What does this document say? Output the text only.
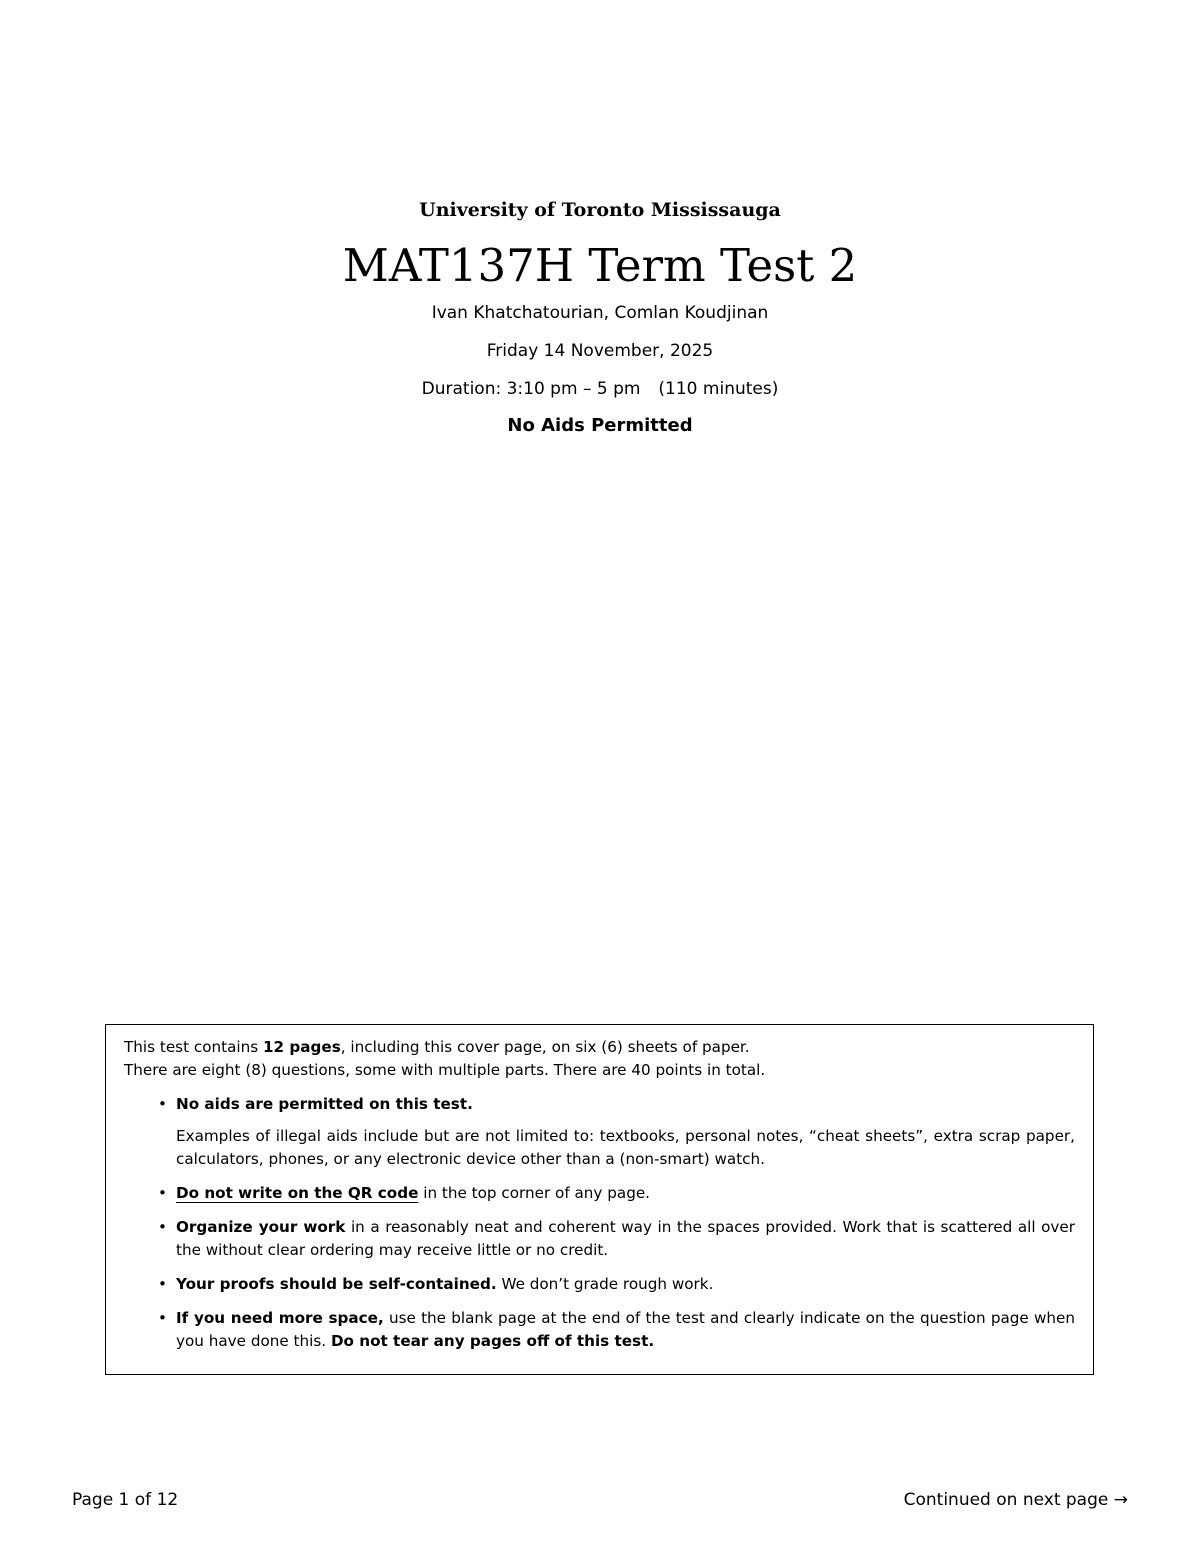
University of Toronto Mississauga

MAT137H Term Test 2

Ivan Khatchatourian, Comlan Koudjinan

Friday 14 November, 2025

Duration: 3:10 pm – 5 pm (110 minutes)

No Aids Permitted

This test contains 12 pages, including this cover page, on six (6) sheets of paper.

There are eight (8) questions, some with multiple parts. There are 40 points in total.

• No aids are permitted on this test.

Examples of illegal aids include but are not limited to: textbooks, personal notes, “cheat sheets”, extra scrap paper, calculators, phones, or any electronic device other than a (non-smart) watch.

• Do not write on the QR code in the top corner of any page.
• Organize your work in a reasonably neat and coherent way in the spaces provided. Work that is scattered all over the without clear ordering may receive little or no credit.
• Your proofs should be self-contained. We don’t grade rough work.
• If you need more space, use the blank page at the end of the test and clearly indicate on the question page when you have done this. Do not tear any pages off of this test.
Page 1 of 12	Continued on next page →
